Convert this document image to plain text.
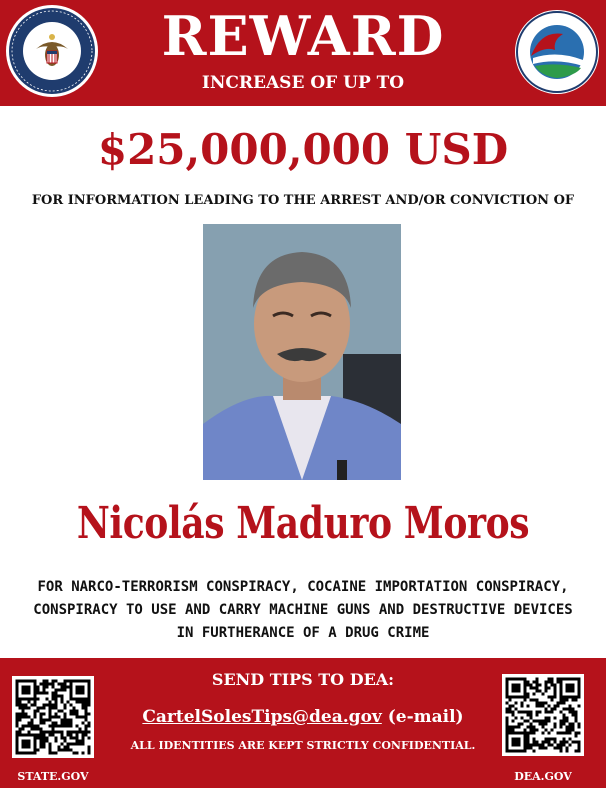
REWARD
INCREASE OF UP TO
$25,000,000 USD
FOR INFORMATION LEADING TO THE ARREST AND/OR CONVICTION OF
Nicolás Maduro Moros
FOR NARCO-TERRORISM CONSPIRACY, COCAINE IMPORTATION CONSPIRACY, CONSPIRACY TO USE AND CARRY MACHINE GUNS AND DESTRUCTIVE DEVICES IN FURTHERANCE OF A DRUG CRIME
STATE.GOV
SEND TIPS TO DEA:
CartelSolesTips@dea.gov (e-mail)
ALL IDENTITIES ARE KEPT STRICTLY CONFIDENTIAL.
DEA.GOV
